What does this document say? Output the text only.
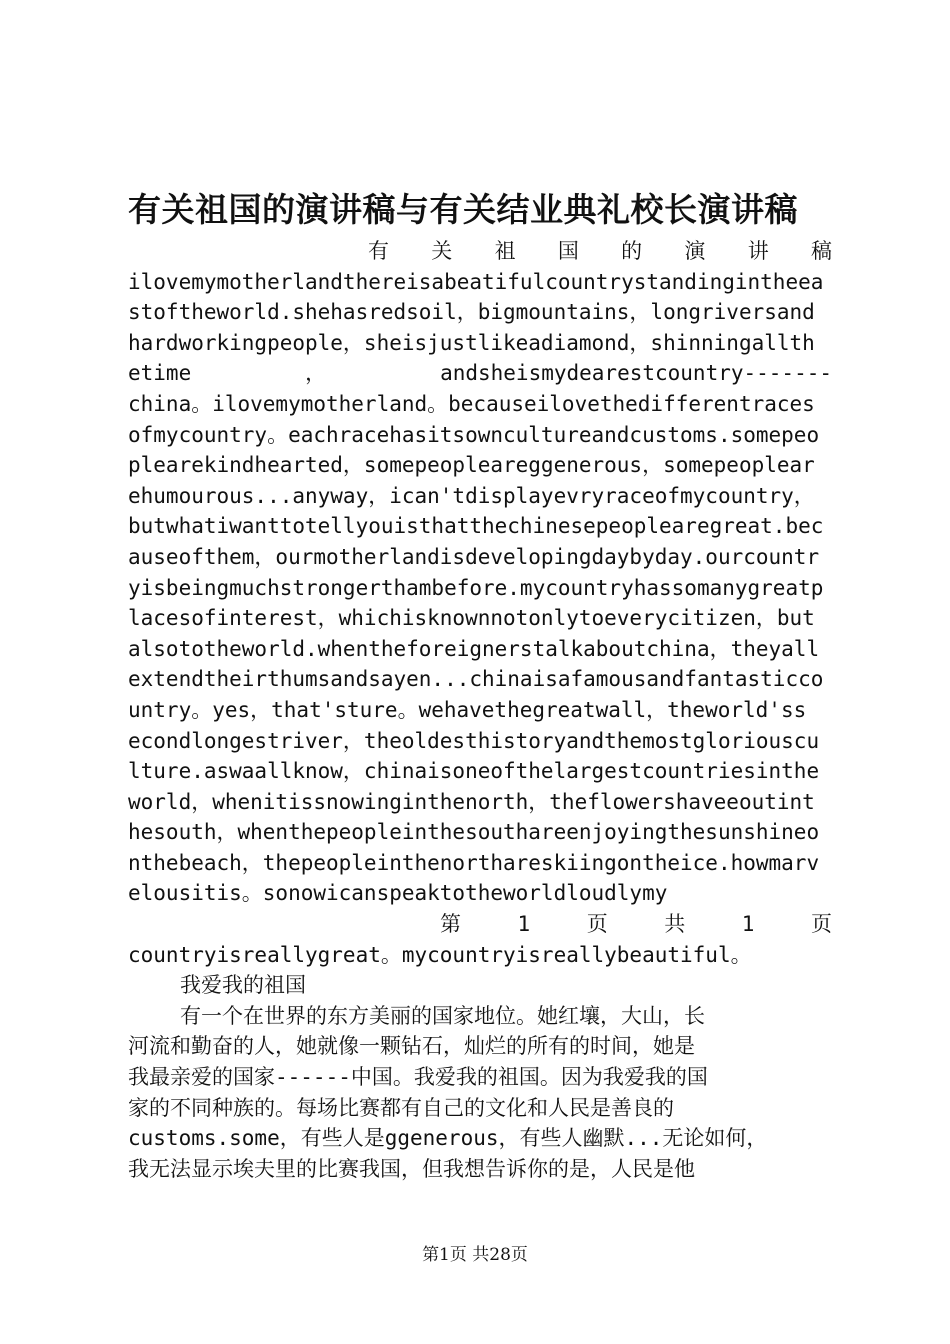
有关祖国的演讲稿与有关结业典礼校长演讲稿
有 关 祖 国 的 演 讲 稿
ilovemymotherlandthereisabeatifulcountrystandingintheea
stoftheworld.shehasredsoil，bigmountains，longriversand
hardworkingpeople，sheisjustlikeadiamond，shinningallth
etime	，	andsheismydearestcountry-------
china。ilovemymotherland。becauseilovethedifferentraces
ofmycountry。eachracehasitsowncultureandcustoms.somepeo
plearekindhearted，somepeopleareggenerous，somepeoplear
ehumourous...anyway，ican'tdisplayevryraceofmycountry，
butwhatiwanttotellyouisthatthechinesepeoplearegreat.bec
auseofthem，ourmotherlandisdevelopingdaybyday.ourcountr
yisbeingmuchstrongerthambefore.mycountryhassomanygreatp
lacesofinterest，whichisknownnotonlytoeverycitizen，but
alsototheworld.whentheforeignerstalkaboutchina，theyall
extendtheirthumsandsayen...chinaisafamousandfantasticco
untry。yes，that'sture。wehavethegreatwall，theworld'ss
econdlongestriver，theoldesthistoryandthemostgloriouscu
lture.aswaallknow，chinaisoneofthelargestcountriesinthe
world，whenitissnowinginthenorth，theflowershaveeoutint
hesouth，whenthepeopleinthesouthareenjoyingthesunshineo
nthebeach，thepeopleinthenorthareskiingontheice.howmarv
elousitis。sonowicanspeaktotheworldloudlymy
第	1	页	共	1	页
countryisreallygreat。mycountryisreallybeautiful。
我爱我的祖国
有一个在世界的东方美丽的国家地位。她红壤，大山，长
河流和勤奋的人，她就像一颗钻石，灿烂的所有的时间，她是
我最亲爱的国家------中国。我爱我的祖国。因为我爱我的国
家的不同种族的。每场比赛都有自己的文化和人民是善良的
customs.some，有些人是ggenerous，有些人幽默...无论如何，
我无法显示埃夫里的比赛我国，但我想告诉你的是，人民是他
第1页 共28页
